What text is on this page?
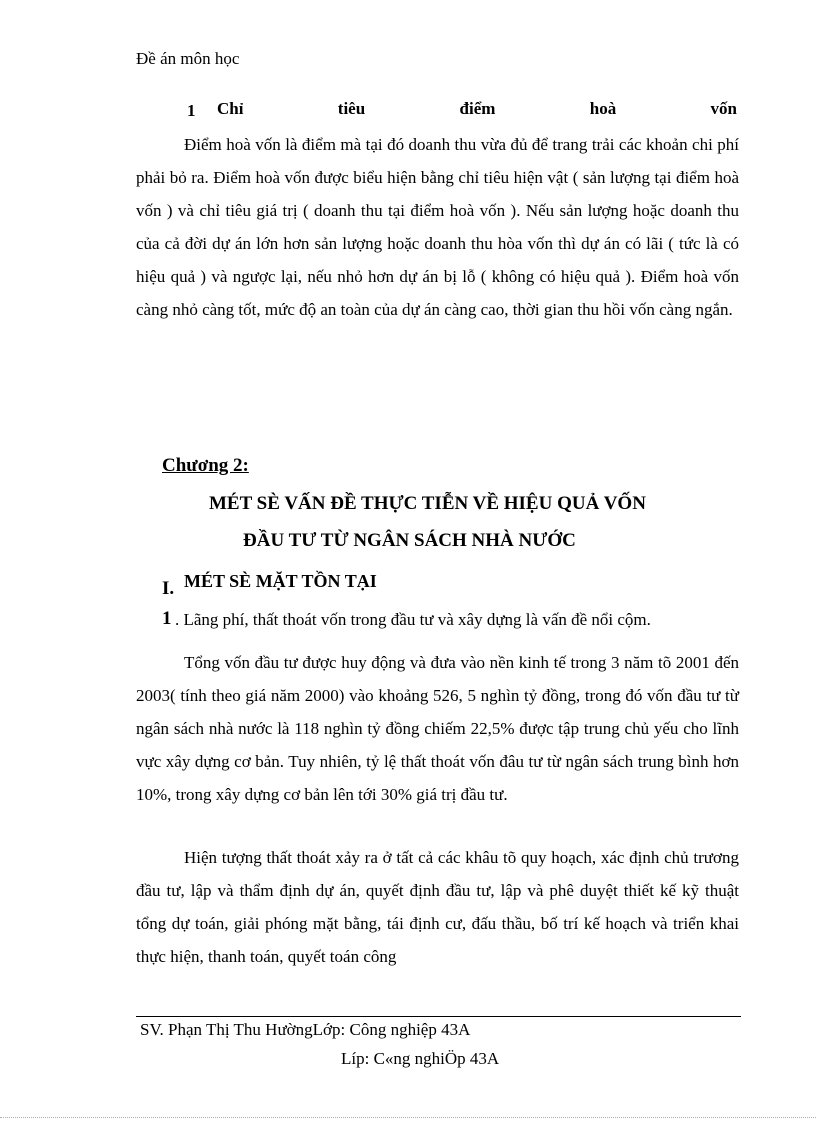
Đề án môn học
1 Chỉ	tiêu	điểm	hoà	vốn

Điểm hoà vốn là điểm mà tại đó doanh thu vừa đủ để trang trải các khoản chi phí phải bỏ ra. Điểm hoà vốn được biểu hiện bằng chỉ tiêu hiện vật ( sản lượng tại điểm hoà vốn ) và chỉ tiêu giá trị ( doanh thu tại điểm hoà vốn ). Nếu sản lượng hoặc doanh thu của cả đời dự án lớn hơn sản lượng hoặc doanh thu hòa vốn thì dự án có lãi ( tức là có hiệu quả ) và ngược lại, nếu nhỏ hơn dự án bị lỗ ( không có hiệu quả ). Điểm hoà vốn càng nhỏ càng tốt, mức độ an toàn của dự án càng cao, thời gian thu hồi vốn càng ngắn.

Chương 2:
MÉT SÈ VẤN ĐỀ THỰC TIỄN VỀ HIỆU QUẢ VỐN
ĐẦU TƯ TỪ NGÂN SÁCH NHÀ NƯỚC
I. MÉT SÈ MẶT TỒN TẠI
1 . Lãng phí, thất thoát vốn trong đầu tư và xây dựng là vấn đề nổi cộm.

Tổng vốn đầu tư được huy động và đưa vào nền kinh tế trong 3 năm tõ 2001 đến 2003( tính theo giá năm 2000) vào khoảng 526, 5 nghìn tỷ đồng, trong đó vốn đầu tư từ ngân sách nhà nước là 118 nghìn tỷ đồng chiếm 22,5% được tập trung chủ yếu cho lĩnh vực xây dựng cơ bản. Tuy nhiên, tỷ lệ thất thoát vốn đâu tư từ ngân sách trung bình hơn 10%, trong xây dựng cơ bản lên tới 30% giá trị đầu tư.

Hiện tượng thất thoát xảy ra ở tất cả các khâu tõ quy hoạch, xác định chủ trương đầu tư, lập và thẩm định dự án, quyết định đầu tư, lập và phê duyệt thiết kế kỹ thuật tổng dự toán, giải phóng mặt bằng, tái định cư, đấu thầu, bố trí kế hoạch và triển khai thực hiện, thanh toán, quyết toán công

SV. Phạn Thị Thu HườngLớp: Công nghiệp 43A
Líp: C«ng nghiÖp 43A
